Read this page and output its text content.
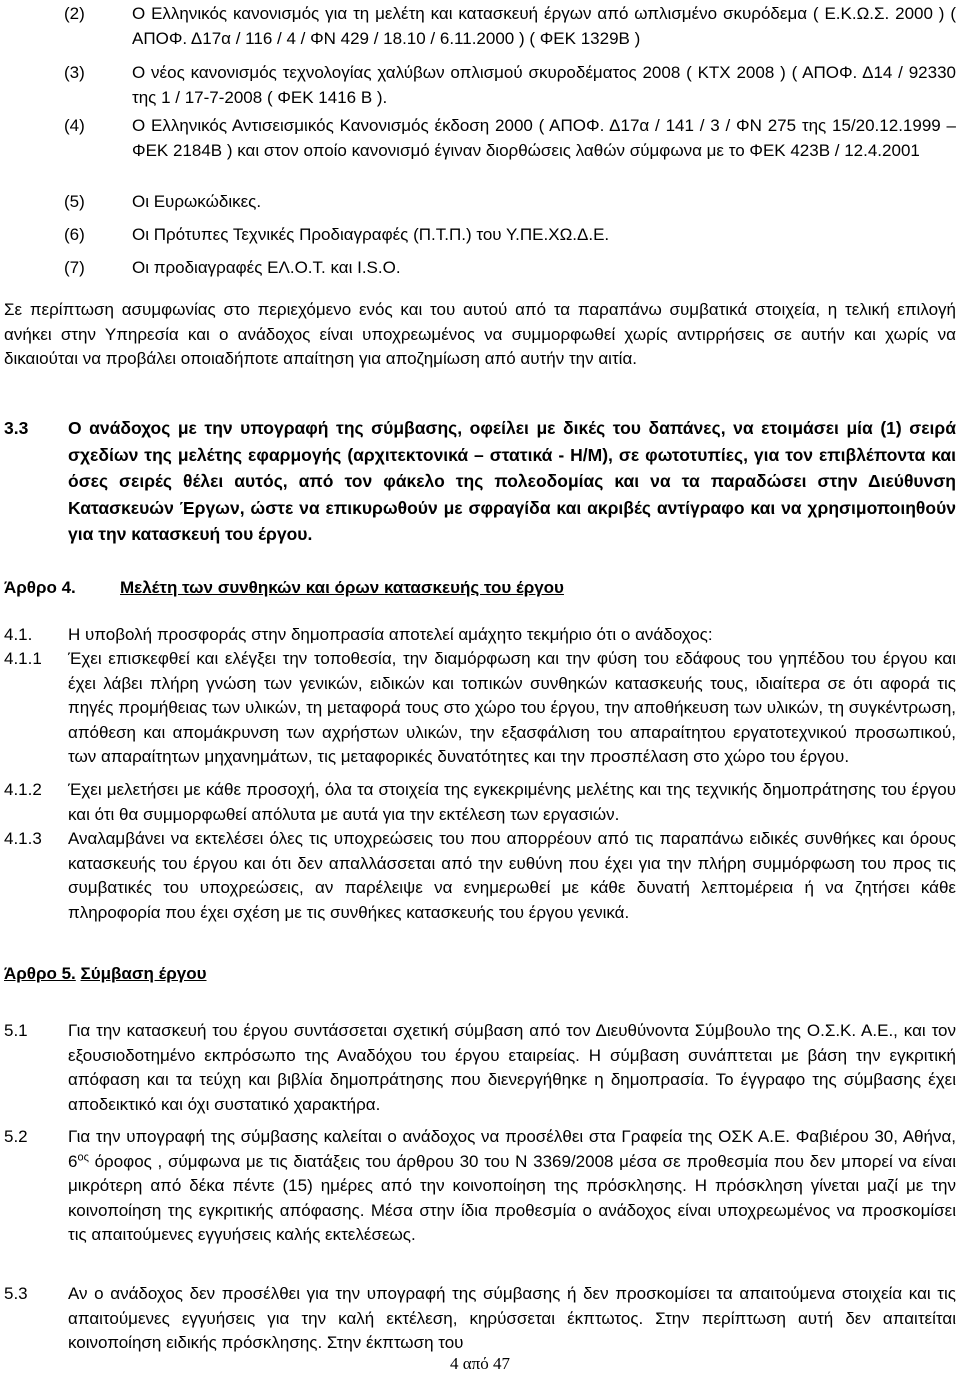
(2)	Ο Ελληνικός κανονισμός για τη μελέτη και κατασκευή έργων από ωπλισμένο σκυρόδεμα ( Ε.Κ.Ω.Σ. 2000 ) ( ΑΠΟΦ. Δ17α / 116 / 4 / ΦΝ 429 / 18.10 / 6.11.2000 ) ( ΦΕΚ 1329Β )
(3)	Ο νέος κανονισμός τεχνολογίας χαλύβων οπλισμού σκυροδέματος 2008 ( ΚΤΧ 2008 ) ( ΑΠΟΦ. Δ14 / 92330 της 1 / 17-7-2008 ( ΦΕΚ 1416 Β ).
(4)	Ο Ελληνικός Αντισεισμικός Κανονισμός έκδοση 2000 ( ΑΠΟΦ. Δ17α / 141 / 3 / ΦΝ 275 της 15/20.12.1999 – ΦΕΚ 2184Β ) και στον οποίο κανονισμό έγιναν διορθώσεις λαθών σύμφωνα με το ΦΕΚ 423Β / 12.4.2001
(5)	Οι Ευρωκώδικες.
(6)	Οι Πρότυπες Τεχνικές Προδιαγραφές (Π.Τ.Π.) του Υ.ΠΕ.ΧΩ.Δ.Ε.
(7)	Οι προδιαγραφές ΕΛ.Ο.Τ. και I.S.O.
Σε περίπτωση ασυμφωνίας στο περιεχόμενο ενός και του αυτού από τα παραπάνω συμβατικά στοιχεία, η τελική επιλογή ανήκει στην Υπηρεσία και ο ανάδοχος είναι υποχρεωμένος να συμμορφωθεί χωρίς αντιρρήσεις σε αυτήν και χωρίς να δικαιούται να προβάλει οποιαδήποτε απαίτηση για αποζημίωση από αυτήν την αιτία.
3.3	Ο ανάδοχος με την υπογραφή της σύμβασης, οφείλει με δικές του δαπάνες, να ετοιμάσει μία (1) σειρά σχεδίων της μελέτης εφαρμογής (αρχιτεκτονικά – στατικά - Η/Μ), σε φωτοτυπίες, για τον επιβλέποντα και όσες σειρές θέλει αυτός, από τον φάκελο της πολεοδομίας και να τα παραδώσει στην Διεύθυνση Κατασκευών Έργων, ώστε να επικυρωθούν με σφραγίδα και ακριβές αντίγραφο και να χρησιμοποιηθούν για την κατασκευή του έργου.
Άρθρο 4.	Μελέτη των συνθηκών και όρων κατασκευής του έργου
4.1.	Η υποβολή προσφοράς στην δημοπρασία αποτελεί αμάχητο τεκμήριο ότι ο ανάδοχος:
4.1.1	Έχει επισκεφθεί και ελέγξει την τοποθεσία, την διαμόρφωση και την φύση του εδάφους του γηπέδου του έργου και έχει λάβει πλήρη γνώση των γενικών, ειδικών και τοπικών συνθηκών κατασκευής τους, ιδιαίτερα σε ότι αφορά τις πηγές προμήθειας των υλικών, τη μεταφορά τους στο χώρο του έργου, την αποθήκευση των υλικών, τη συγκέντρωση, απόθεση και απομάκρυνση των αχρήστων υλικών, την εξασφάλιση του απαραίτητου εργατοτεχνικού προσωπικού, των απαραίτητων μηχανημάτων, τις μεταφορικές δυνατότητες και την προσπέλαση στο χώρο του έργου.
4.1.2	Έχει μελετήσει με κάθε προσοχή, όλα τα στοιχεία της εγκεκριμένης μελέτης και της τεχνικής δημοπράτησης του έργου και ότι θα συμμορφωθεί απόλυτα με αυτά για την εκτέλεση των εργασιών.
4.1.3	Αναλαμβάνει να εκτελέσει όλες τις υποχρεώσεις του που απορρέουν από τις παραπάνω ειδικές συνθήκες και όρους κατασκευής του έργου και ότι δεν απαλλάσσεται από την ευθύνη που έχει για την πλήρη συμμόρφωση του προς τις συμβατικές του υποχρεώσεις, αν παρέλειψε να ενημερωθεί με κάθε δυνατή λεπτομέρεια ή να ζητήσει κάθε πληροφορία που έχει σχέση με τις συνθήκες κατασκευής του έργου γενικά.
Άρθρο 5. Σύμβαση έργου
5.1	Για την κατασκευή του έργου συντάσσεται σχετική σύμβαση από τον Διευθύνοντα Σύμβουλο της Ο.Σ.Κ. Α.Ε., και τον εξουσιοδοτημένο εκπρόσωπο της Αναδόχου του έργου εταιρείας. Η σύμβαση συνάπτεται με βάση την εγκριτική απόφαση και τα τεύχη και βιβλία δημοπράτησης που διενεργήθηκε η δημοπρασία. Το έγγραφο της σύμβασης έχει αποδεικτικό και όχι συστατικό χαρακτήρα.
5.2	Για την υπογραφή της σύμβασης καλείται ο ανάδοχος να προσέλθει στα Γραφεία της ΟΣΚ Α.Ε. Φαβιέρου 30, Αθήνα, $6^{o\varsigma}$ όροφος , σύμφωνα με τις διατάξεις του άρθρου 30 του Ν 3369/2008 μέσα σε προθεσμία που δεν μπορεί να είναι μικρότερη από δέκα πέντε (15) ημέρες από την κοινοποίηση της πρόσκλησης. Η πρόσκληση γίνεται μαζί με την κοινοποίηση της εγκριτικής απόφασης. Μέσα στην ίδια προθεσμία ο ανάδοχος είναι υποχρεωμένος να προσκομίσει τις απαιτούμενες εγγυήσεις καλής εκτελέσεως.
5.3	Αν ο ανάδοχος δεν προσέλθει για την υπογραφή της σύμβασης ή δεν προσκομίσει τα απαιτούμενα στοιχεία και τις απαιτούμενες εγγυήσεις για την καλή εκτέλεση, κηρύσσεται έκπτωτος. Στην περίπτωση αυτή δεν απαιτείται κοινοποίηση ειδικής πρόσκλησης. Στην έκπτωση του
4 από 47
